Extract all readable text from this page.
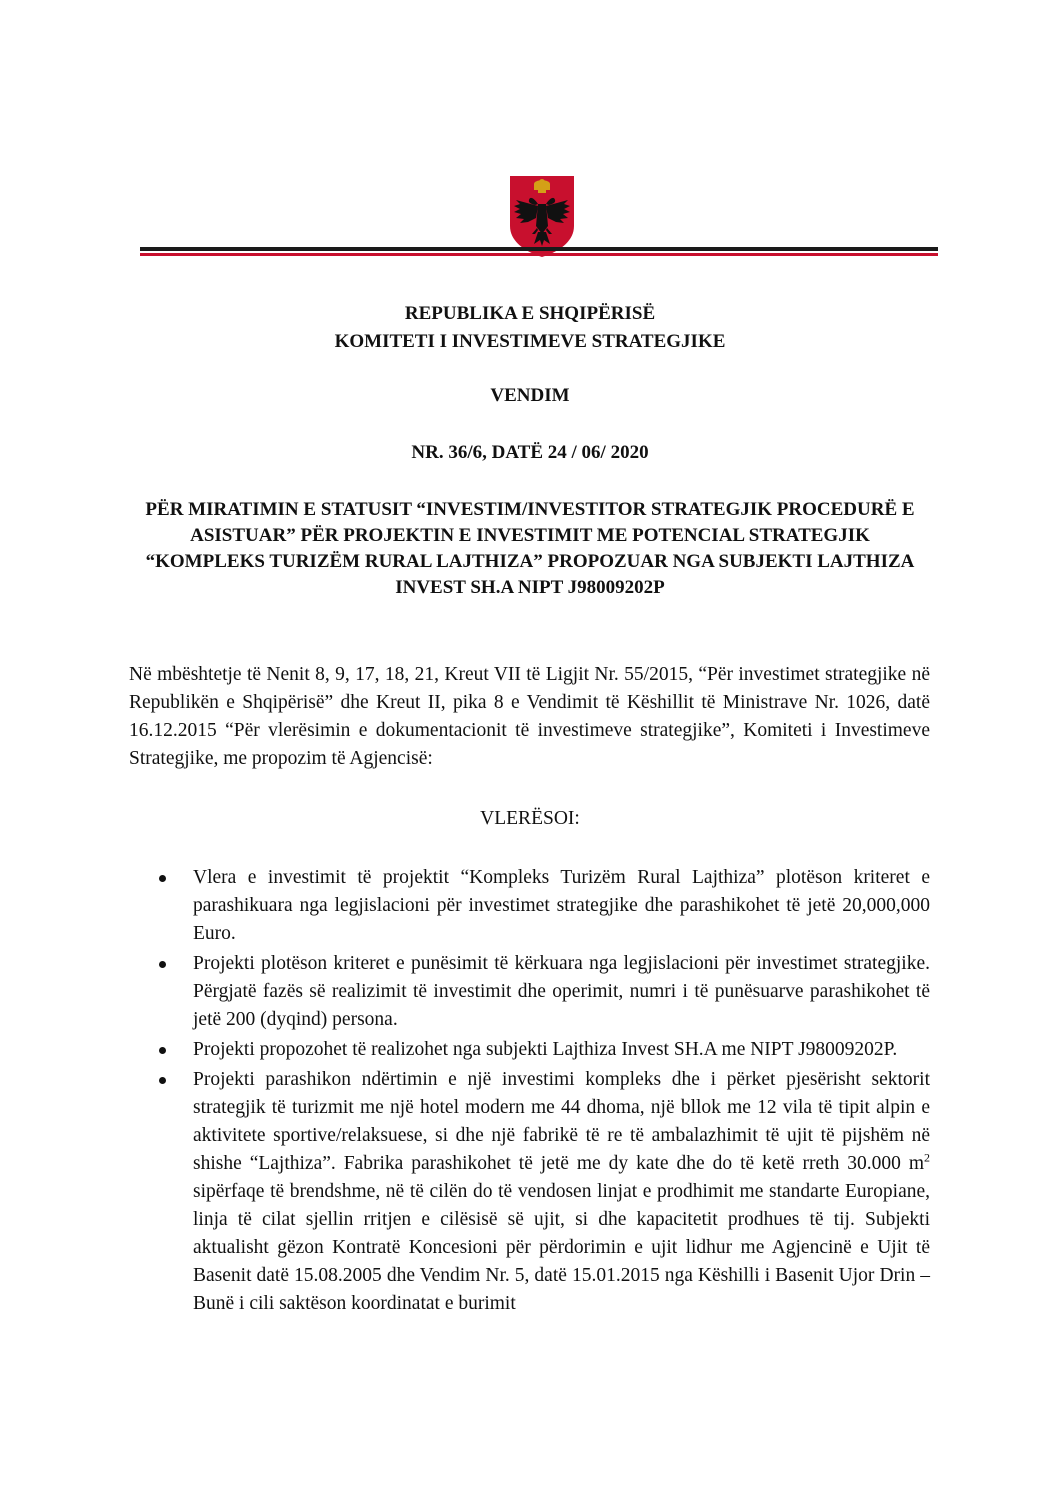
REPUBLIKA E SHQIPËRISË
KOMITETI I INVESTIMEVE STRATEGJIKE
VENDIM
NR. 36/6, DATË 24 / 06/ 2020
PËR MIRATIMIN E STATUSIT “INVESTIM/INVESTITOR STRATEGJIK PROCEDURË E ASISTUAR” PËR PROJEKTIN E INVESTIMIT ME POTENCIAL STRATEGJIK “KOMPLEKS TURIZËM RURAL LAJTHIZA” PROPOZUAR NGA SUBJEKTI LAJTHIZA INVEST SH.A NIPT J98009202P

Në mbështetje të Nenit 8, 9, 17, 18, 21, Kreut VII të Ligjit Nr. 55/2015, “Për investimet strategjike në Republikën e Shqipërisë” dhe Kreut II, pika 8 e Vendimit të Këshillit të Ministrave Nr. 1026, datë 16.12.2015 “Për vlerësimin e dokumentacionit të investimeve strategjike”, Komiteti i Investimeve Strategjike, me propozim të Agjencisë:

VLERËSOI:
Vlera e investimit të projektit “Kompleks Turizëm Rural Lajthiza” plotëson kriteret e parashikuara nga legjislacioni për investimet strategjike dhe parashikohet të jetë 20,000,000 Euro.
Projekti plotëson kriteret e punësimit të kërkuara nga legjislacioni për investimet strategjike. Përgjatë fazës së realizimit të investimit dhe operimit, numri i të punësuarve parashikohet të jetë 200 (dyqind) persona.
Projekti propozohet të realizohet nga subjekti Lajthiza Invest SH.A me NIPT J98009202P.
Projekti parashikon ndërtimin e një investimi kompleks dhe i përket pjesërisht sektorit strategjik të turizmit me një hotel modern me 44 dhoma, një bllok me 12 vila të tipit alpin e aktivitete sportive/relaksuese, si dhe një fabrikë të re të ambalazhimit të ujit të pijshëm në shishe “Lajthiza”. Fabrika parashikohet të jetë me dy kate dhe do të ketë rreth 30.000 $m^2$ sipërfaqe të brendshme, në të cilën do të vendosen linjat e prodhimit me standarte Europiane, linja të cilat sjellin rritjen e cilësisë së ujit, si dhe kapacitetit prodhues të tij. Subjekti aktualisht gëzon Kontratë Koncesioni për përdorimin e ujit lidhur me Agjencinë e Ujit të Basenit datë 15.08.2005 dhe Vendim Nr. 5, datë 15.01.2015 nga Këshilli i Basenit Ujor Drin – Bunë i cili saktëson koordinatat e burimit
